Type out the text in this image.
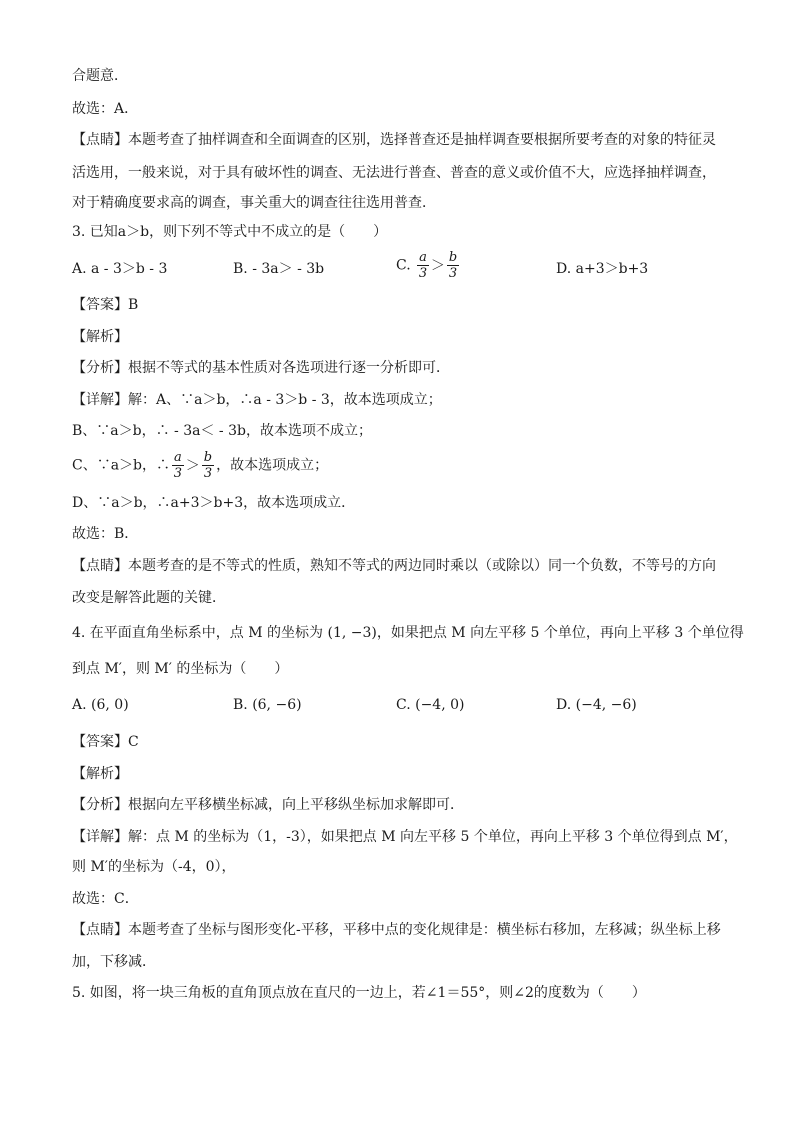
合题意．
故选：A．
【点睛】本题考查了抽样调查和全面调查的区别，选择普查还是抽样调查要根据所要考查的对象的特征灵
活选用，一般来说，对于具有破坏性的调查、无法进行普查、普查的意义或价值不大，应选择抽样调查，
对于精确度要求高的调查，事关重大的调查往往选用普查．
3. 已知a＞b，则下列不等式中不成立的是（　　）
A. a - 3＞b - 3	B. - 3a＞ - 3b	C. $\frac{a}{3} > \frac{b}{3}$	D. a+3＞b+3
【答案】B
【解析】
【分析】根据不等式的基本性质对各选项进行逐一分析即可．
【详解】解：A、∵a＞b，∴a - 3＞b - 3，故本选项成立；
B、∵a＞b，∴ - 3a＜ - 3b，故本选项不成立；
C、∵a＞b，∴ $\frac{a}{3} > \frac{b}{3}$ ，故本选项成立；
D、∵a＞b，∴a+3＞b+3，故本选项成立．
故选：B．
【点睛】本题考查的是不等式的性质，熟知不等式的两边同时乘以（或除以）同一个负数，不等号的方向
改变是解答此题的关键．
4. 在平面直角坐标系中，点 M 的坐标为 (1, −3)，如果把点 M 向左平移 5 个单位，再向上平移 3 个单位得
到点 M′，则 M′ 的坐标为（　　）
A. (6, 0)	B. (6, −6)	C. (−4, 0)	D. (−4, −6)
【答案】C
【解析】
【分析】根据向左平移横坐标减，向上平移纵坐标加求解即可．
【详解】解：点 M 的坐标为（1，-3），如果把点 M 向左平移 5 个单位，再向上平移 3 个单位得到点 M′，
则 M′的坐标为（-4，0），
故选：C．
【点睛】本题考查了坐标与图形变化-平移，平移中点的变化规律是：横坐标右移加，左移减；纵坐标上移
加，下移减．
5. 如图，将一块三角板的直角顶点放在直尺的一边上，若∠1＝55°，则∠2的度数为（　　）
